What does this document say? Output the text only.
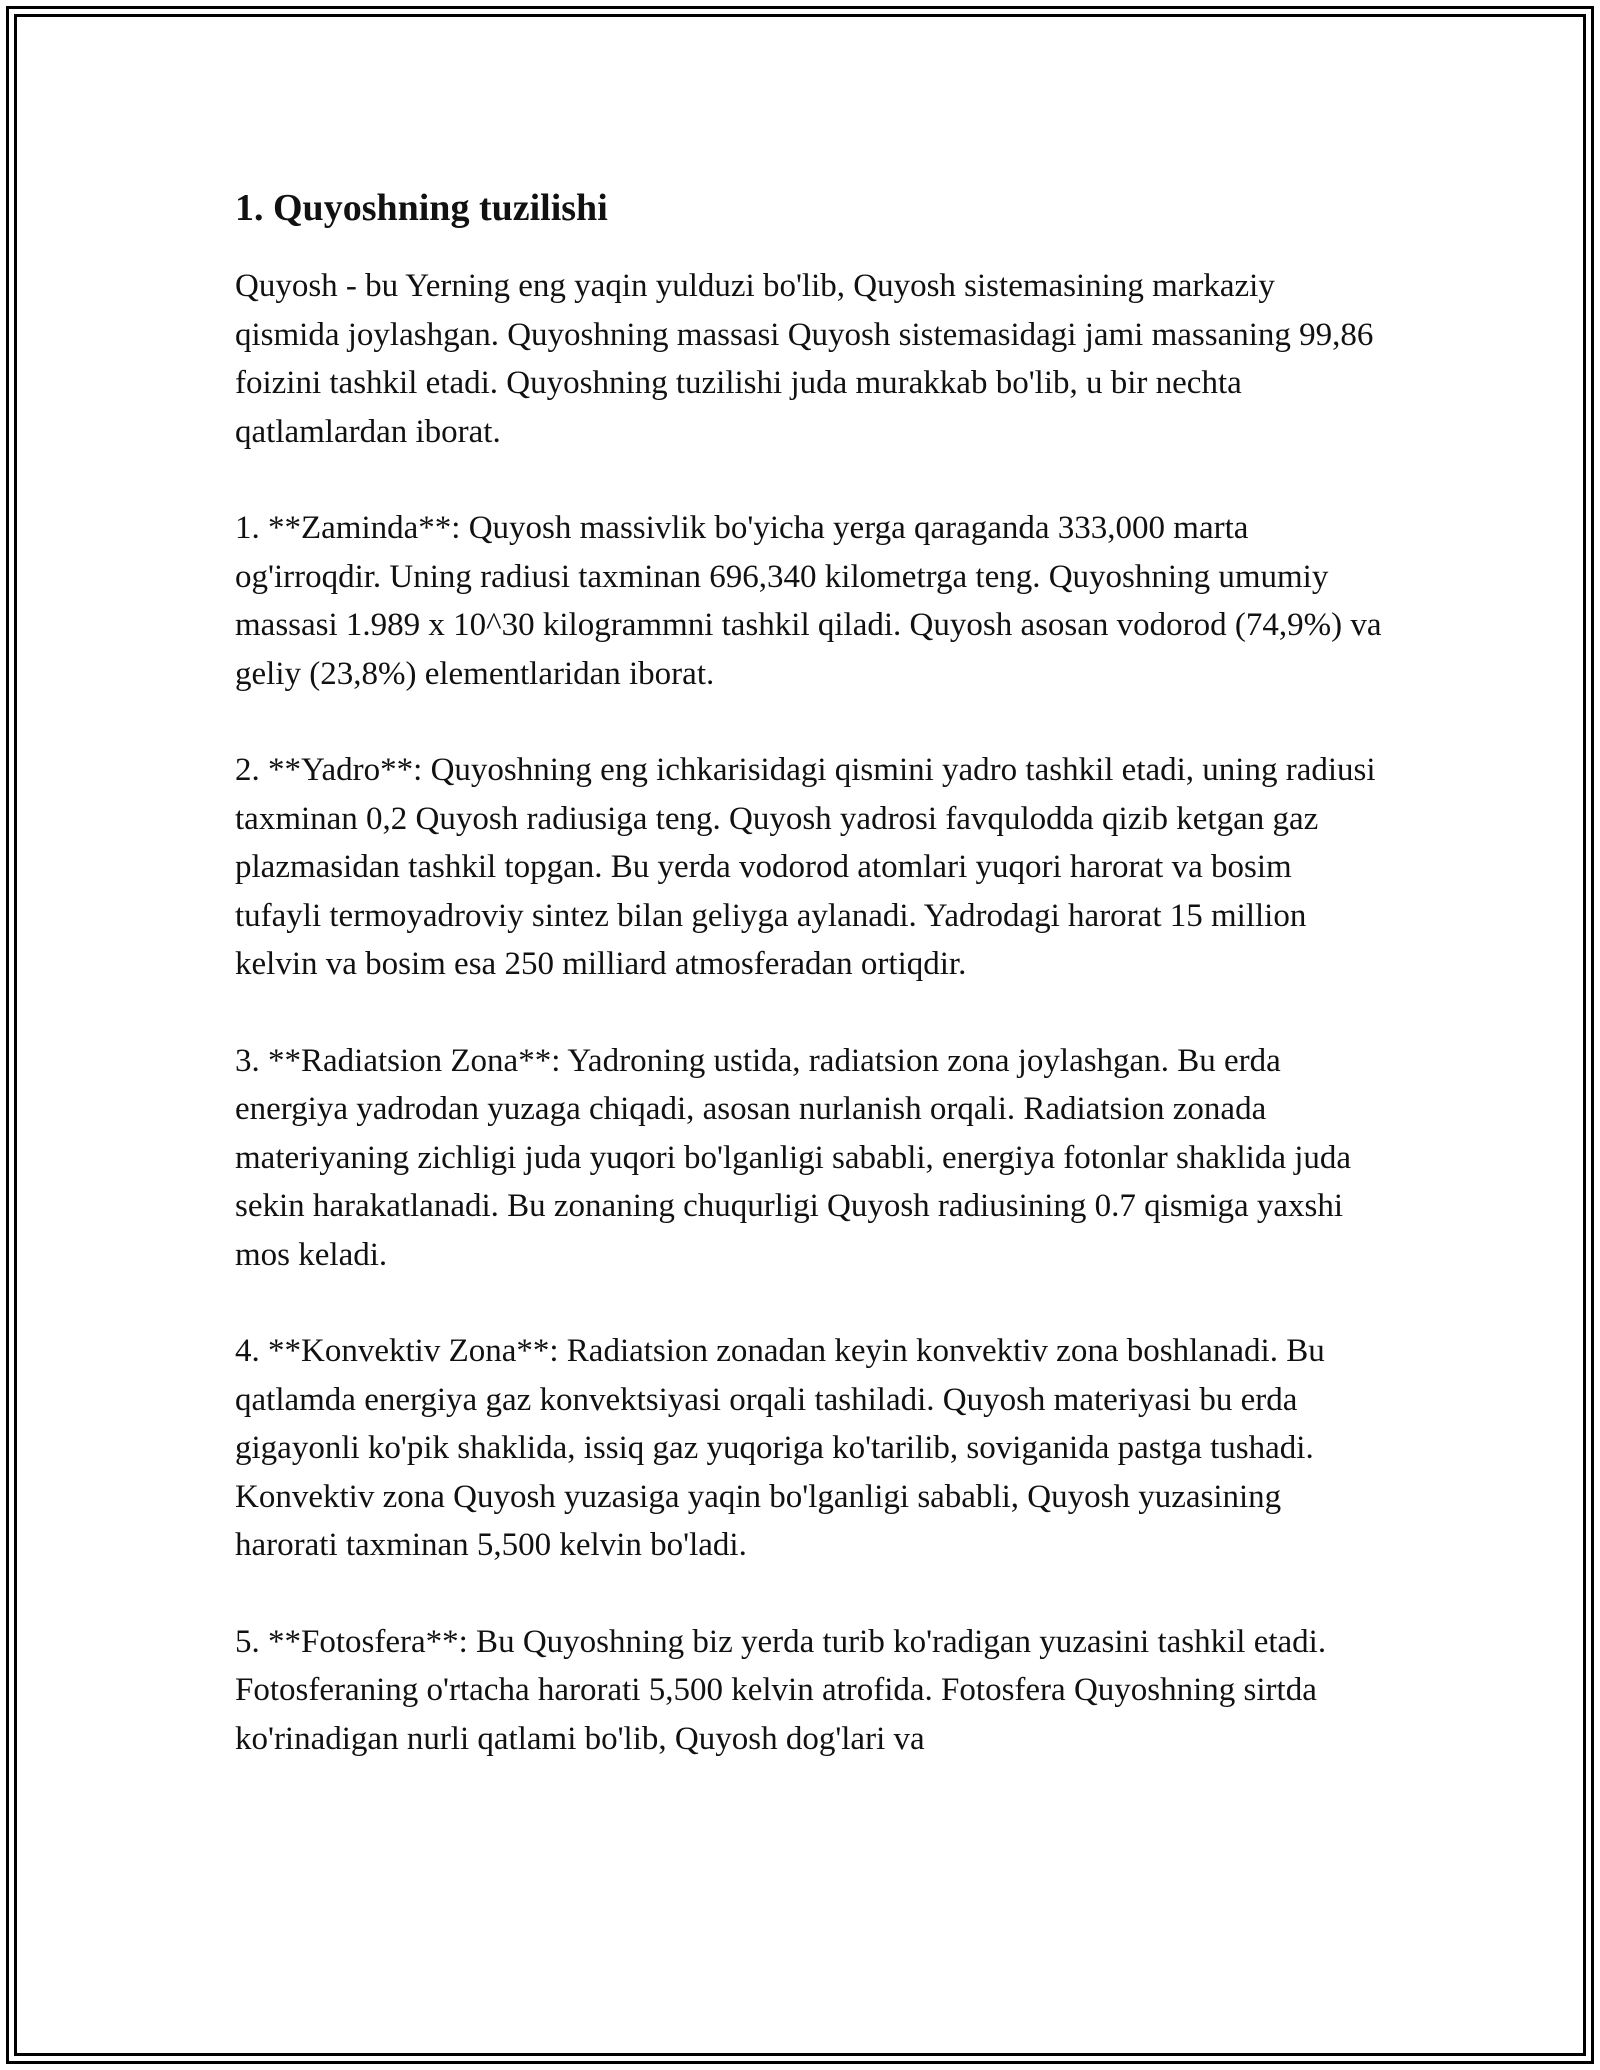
1. Quyoshning tuzilishi

Quyosh - bu Yerning eng yaqin yulduzi bo'lib, Quyosh sistemasining markaziy qismida joylashgan. Quyoshning massasi Quyosh sistemasidagi jami massaning 99,86 foizini tashkil etadi. Quyoshning tuzilishi juda murakkab bo'lib, u bir nechta qatlamlardan iborat.

1. **Zaminda**: Quyosh massivlik bo'yicha yerga qaraganda 333,000 marta og'irroqdir. Uning radiusi taxminan 696,340 kilometrga teng. Quyoshning umumiy massasi 1.989 x 10^30 kilogrammni tashkil qiladi. Quyosh asosan vodorod (74,9%) va geliy (23,8%) elementlaridan iborat.

2. **Yadro**: Quyoshning eng ichkarisidagi qismini yadro tashkil etadi, uning radiusi taxminan 0,2 Quyosh radiusiga teng. Quyosh yadrosi favqulodda qizib ketgan gaz plazmasidan tashkil topgan. Bu yerda vodorod atomlari yuqori harorat va bosim tufayli termoyadroviy sintez bilan geliyga aylanadi. Yadrodagi harorat 15 million kelvin va bosim esa 250 milliard atmosferadan ortiqdir.

3. **Radiatsion Zona**: Yadroning ustida, radiatsion zona joylashgan. Bu erda energiya yadrodan yuzaga chiqadi, asosan nurlanish orqali. Radiatsion zonada materiyaning zichligi juda yuqori bo'lganligi sababli, energiya fotonlar shaklida juda sekin harakatlanadi. Bu zonaning chuqurligi Quyosh radiusining 0.7 qismiga yaxshi mos keladi.

4. **Konvektiv Zona**: Radiatsion zonadan keyin konvektiv zona boshlanadi. Bu qatlamda energiya gaz konvektsiyasi orqali tashiladi. Quyosh materiyasi bu erda gigayonli ko'pik shaklida, issiq gaz yuqoriga ko'tarilib, soviganida pastga tushadi. Konvektiv zona Quyosh yuzasiga yaqin bo'lganligi sababli, Quyosh yuzasining harorati taxminan 5,500 kelvin bo'ladi.

5. **Fotosfera**: Bu Quyoshning biz yerda turib ko'radigan yuzasini tashkil etadi. Fotosferaning o'rtacha harorati 5,500 kelvin atrofida. Fotosfera Quyoshning sirtda ko'rinadigan nurli qatlami bo'lib, Quyosh dog'lari va
